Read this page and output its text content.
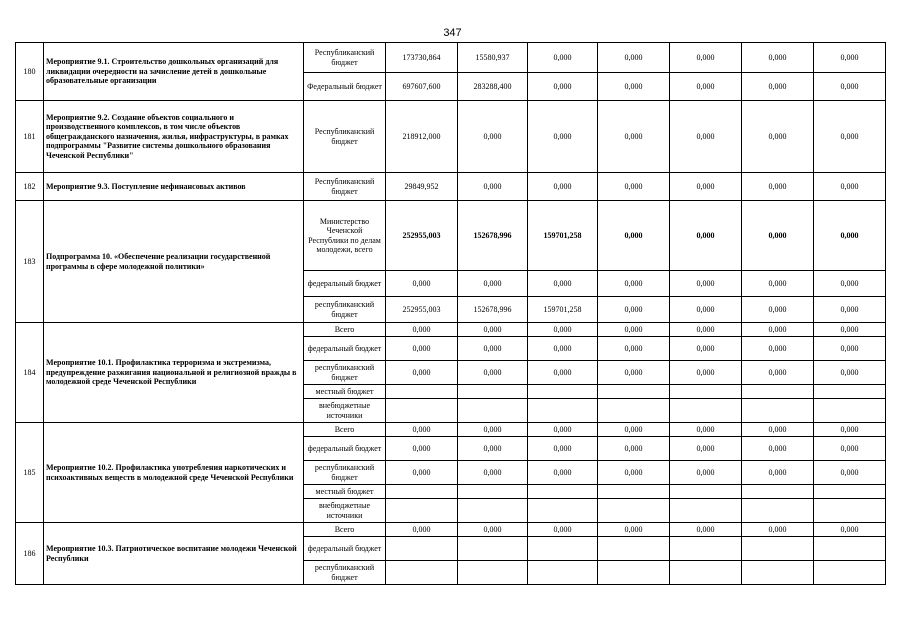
347
180	Мероприятие 9.1. Строительство дошкольных организаций для ликвидации очередности на зачисление детей в дошкольные образовательные организации	Республиканский бюджет	173730,864	15580,937	0,000	0,000	0,000	0,000	0,000
		Федеральный бюджет	697607,600	283288,400	0,000	0,000	0,000	0,000	0,000
181	Мероприятие 9.2. Создание объектов социального и производственного комплексов, в том числе объектов общегражданского назначения, жилья, инфраструктуры, в рамках подпрограммы "Развитие системы дошкольного образования Чеченской Республики"	Республиканский бюджет	218912,000	0,000	0,000	0,000	0,000	0,000	0,000
182	Мероприятие 9.3. Поступление нефинансовых активов	Республиканский бюджет	29849,952	0,000	0,000	0,000	0,000	0,000	0,000
183	Подпрограмма 10. «Обеспечение реализации государственной программы в сфере молодежной политики»	Министерство Чеченской Республики по делам молодежи, всего	252955,003	152678,996	159701,258	0,000	0,000	0,000	0,000
		федеральный бюджет	0,000	0,000	0,000	0,000	0,000	0,000	0,000
		республиканский бюджет	252955,003	152678,996	159701,258	0,000	0,000	0,000	0,000
184	Мероприятие 10.1. Профилактика терроризма и экстремизма, предупреждение разжигания национальной и религиозной вражды в молодежной среде Чеченской Республики	Всего	0,000	0,000	0,000	0,000	0,000	0,000	0,000
		федеральный бюджет	0,000	0,000	0,000	0,000	0,000	0,000	0,000
		республиканский бюджет	0,000	0,000	0,000	0,000	0,000	0,000	0,000
		местный бюджет							
		внебюджетные источники							
185	Мероприятие 10.2. Профилактика употребления наркотических и психоактивных веществ в молодежной среде Чеченской Республики	Всего	0,000	0,000	0,000	0,000	0,000	0,000	0,000
		федеральный бюджет	0,000	0,000	0,000	0,000	0,000	0,000	0,000
		республиканский бюджет	0,000	0,000	0,000	0,000	0,000	0,000	0,000
		местный бюджет							
		внебюджетные источники							
186	Мероприятие 10.3. Патриотическое воспитание молодежи Чеченской Республики	Всего	0,000	0,000	0,000	0,000	0,000	0,000	0,000
		федеральный бюджет							
		республиканский бюджет							
